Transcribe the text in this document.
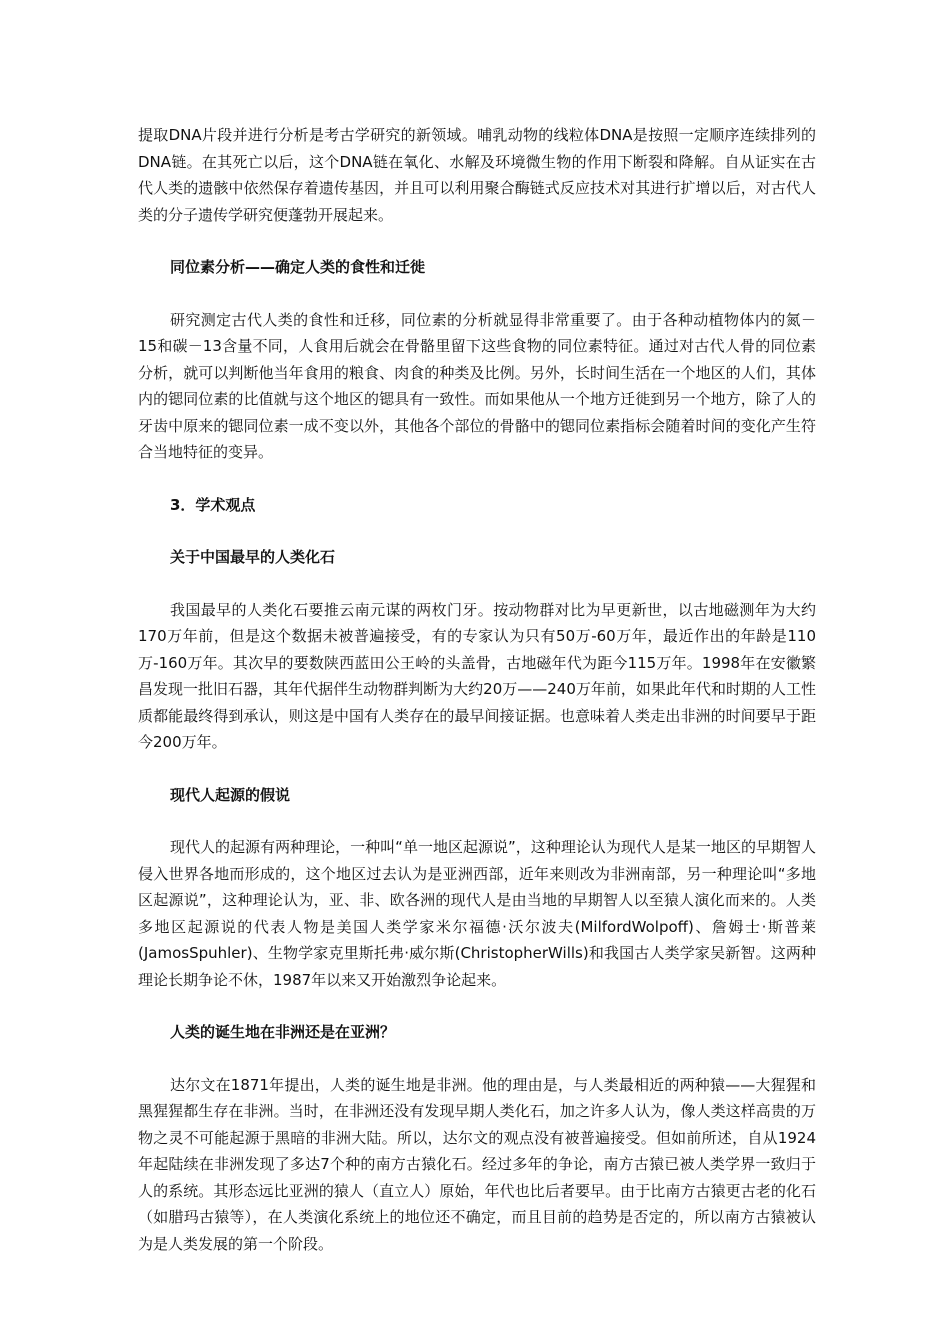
提取DNA片段并进行分析是考古学研究的新领域。哺乳动物的线粒体DNA是按照一定顺序连续排列的DNA链。在其死亡以后，这个DNA链在氧化、水解及环境微生物的作用下断裂和降解。自从证实在古代人类的遗骸中依然保存着遗传基因，并且可以利用聚合酶链式反应技术对其进行扩增以后，对古代人类的分子遗传学研究便蓬勃开展起来。

同位素分析——确定人类的食性和迁徙

研究测定古代人类的食性和迁移，同位素的分析就显得非常重要了。由于各种动植物体内的氮－15和碳－13含量不同，人食用后就会在骨骼里留下这些食物的同位素特征。通过对古代人骨的同位素分析，就可以判断他当年食用的粮食、肉食的种类及比例。另外，长时间生活在一个地区的人们，其体内的锶同位素的比值就与这个地区的锶具有一致性。而如果他从一个地方迁徙到另一个地方，除了人的牙齿中原来的锶同位素一成不变以外，其他各个部位的骨骼中的锶同位素指标会随着时间的变化产生符合当地特征的变异。

3．学术观点
关于中国最早的人类化石

我国最早的人类化石要推云南元谋的两枚门牙。按动物群对比为早更新世，以古地磁测年为大约170万年前，但是这个数据未被普遍接受，有的专家认为只有50万-60万年，最近作出的年龄是110万-160万年。其次早的要数陕西蓝田公王岭的头盖骨，古地磁年代为距今115万年。1998年在安徽繁昌发现一批旧石器，其年代据伴生动物群判断为大约20万——240万年前，如果此年代和时期的人工性质都能最终得到承认，则这是中国有人类存在的最早间接证据。也意味着人类走出非洲的时间要早于距今200万年。

现代人起源的假说

现代人的起源有两种理论，一种叫“单一地区起源说”，这种理论认为现代人是某一地区的早期智人侵入世界各地而形成的，这个地区过去认为是亚洲西部，近年来则改为非洲南部，另一种理论叫“多地区起源说”，这种理论认为，亚、非、欧各洲的现代人是由当地的早期智人以至猿人演化而来的。人类多地区起源说的代表人物是美国人类学家米尔福德·沃尔波夫(MilfordWolpoff)、詹姆士·斯普莱(JamosSpuhler)、生物学家克里斯托弗·威尔斯(ChristopherWills)和我国古人类学家吴新智。这两种理论长期争论不休，1987年以来又开始激烈争论起来。

人类的诞生地在非洲还是在亚洲？

达尔文在1871年提出，人类的诞生地是非洲。他的理由是，与人类最相近的两种猿——大猩猩和黑猩猩都生存在非洲。当时，在非洲还没有发现早期人类化石，加之许多人认为，像人类这样高贵的万物之灵不可能起源于黑暗的非洲大陆。所以，达尔文的观点没有被普遍接受。但如前所述，自从1924年起陆续在非洲发现了多达7个种的南方古猿化石。经过多年的争论，南方古猿已被人类学界一致归于人的系统。其形态远比亚洲的猿人（直立人）原始，年代也比后者要早。由于比南方古猿更古老的化石（如腊玛古猿等），在人类演化系统上的地位还不确定，而且目前的趋势是否定的，所以南方古猿被认为是人类发展的第一个阶段。
